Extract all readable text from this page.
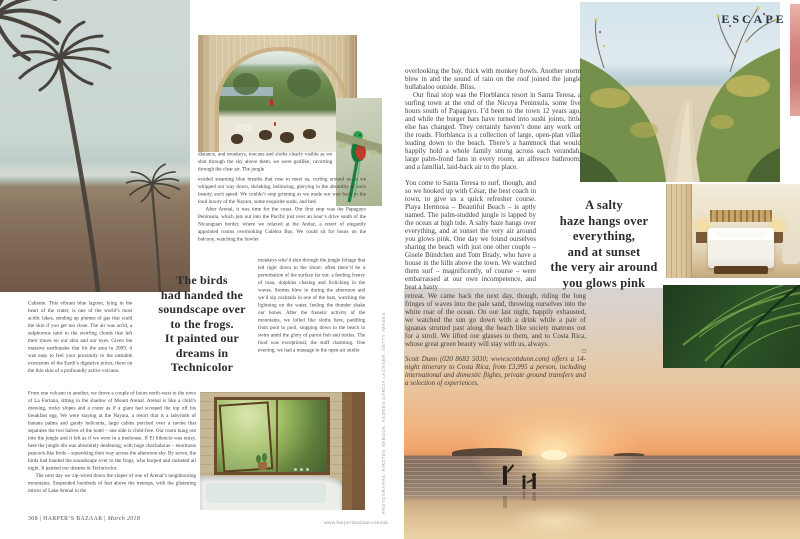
Caliente. This vibrant blue lagoon, lying in the heart of the crater, is one of the world’s most acidic lakes, sending up plumes of gas that scald the skin if you get too close. The air was acrid, a sulphurous taint to the swirling clouds that left their traces on our skin and our eyes. Given the massive earthquake that hit the area in 2009, it was easy to feel your proximity to the unstable extrusions of the Earth’s digestive juices, there on the thin skin of a profoundly active volcano.

distance, and monkeys, toucans and sloths clearly visible as we shot through the sky above them, we were godlike, cavorting through the clear air. The jungle

exuded steaming blue breaths that rose to meet us, curling around us as we whipped our way down, shrieking, bellowing, glorying in the absurdity of such beauty, such speed. We couldn’t stop grinning as we made our way back to the loud luxury of the Nayara, some exquisite sushi, and bed.

After Arenal, it was time for the coast. Our first stop was the Papagayo Peninsula, which juts out into the Pacific just over an hour’s drive south of the Nicaraguan border, where we relaxed at the Andaz, a resort of elegantly appointed rooms overlooking Culebra Bay. We could sit for hours on the balcony, watching the howler

monkeys who’d shin through the jungle foliage that led right down to the shore; often there’d be a perturbation of the surface far out: a feeding frenzy of tuna, dolphins chasing and frolicking in the waves. Storms blew in during the afternoon and we’d sip cocktails in one of the bars, watching the lightning on the water, feeling the thunder shake our bones. After the frenetic activity of the mountains, we lolled like sloths here, paddling from pool to pool, slopping down to the beach to swim amid the glory of parrot fish and turtles. The food was exceptional, the staff charming. One evening, we had a massage in the open-air studio

The birds
had handed the
soundscape over
to the frogs.
It painted our
dreams in
Technicolor

From one volcano to another, we drove a couple of hours north-west to the town of La Fortuna, sitting in the shadow of Mount Arenal. Arenal is like a child’s drawing, rocky slopes and a crater as if a giant had scooped the top off his breakfast egg. We were staying at the Nayara, a resort that is a labyrinth of banana palms and gaudy heliconia, large cabins perched over a ravine that separates the two halves of the hotel – one side is child-free. Our room hung out into the jungle and it felt as if we were in a treehouse. If El Silencio was noisy, here the jungle din was absolutely deafening, with huge chachalacas – enormous peacock-like birds – squawking their way across the afternoon sky. By seven, the birds had handed the soundscape over to the frogs, who burped and racketed all night. It painted our dreams in Technicolor.

The next day we zip-wired down the slopes of one of Arenal’s neighbouring mountains. Suspended hundreds of feet above the treetops, with the glistening mirror of Lake Arenal in the

308 | HARPER’S BAZAAR | March 2018
www.harpersbazaar.com/uk
PHOTOGRAPHS: KIRSTEN HEBOOK, ANDRES GARCIA LACHNER, GETTY IMAGES
ESCAPE

overlooking the bay, thick with monkey howls. Another storm blew in and the sound of rain on the roof joined the jungle hullabaloo outside. Bliss.

Our final stop was the Florblanca resort in Santa Teresa, a surfing town at the end of the Nicoya Peninsula, some five hours south of Papagayo. I’d been to the town 12 years ago, and while the burger bars have turned into sushi joints, little else has changed. They certainly haven’t done any work on the roads. Florblanca is a collection of large, open-plan villas leading down to the beach. There’s a hammock that would happily hold a whole family strung across each verandah, large palm-frond fans in every room, an alfresco bathroom; and a familial, laid-back air to the place.

You come to Santa Teresa to surf, though, and so we hooked up with César, the best coach in town, to give us a quick refresher course. Playa Hermosa – Beautiful Beach – is aptly named. The palm-studded jungle is lapped by the ocean at high tide. A salty haze hangs over everything, and at sunset the very air around you glows pink. One day we found ourselves sharing the beach with just one other couple – Gisele Bündchen and Tom Brady, who have a house in the hills above the town. We watched them surf – magnificently, of course – were embarrassed at our own incompetence, and beat a hasty

A salty
haze hangs over
everything,
and at sunset
the very air around
you glows pink

retreat. We came back the next day, though, riding the long fringes of waves into the pale sand, throwing ourselves into the white roar of the ocean. On our last night, happily exhausted, we watched the sun go down with a drink while a pair of iguanas strutted past along the beach like society matrons out for a stroll. We lifted our glasses to them, and to Costa Rica, whose great green beauty will stay with us, always.

□

Scott Dunn (020 8682 5030; www.scottdunn.com) offers a 14-night itinerary to Costa Rica, from £3,995 a person, including international and domestic flights, private ground transfers and a selection of experiences.
